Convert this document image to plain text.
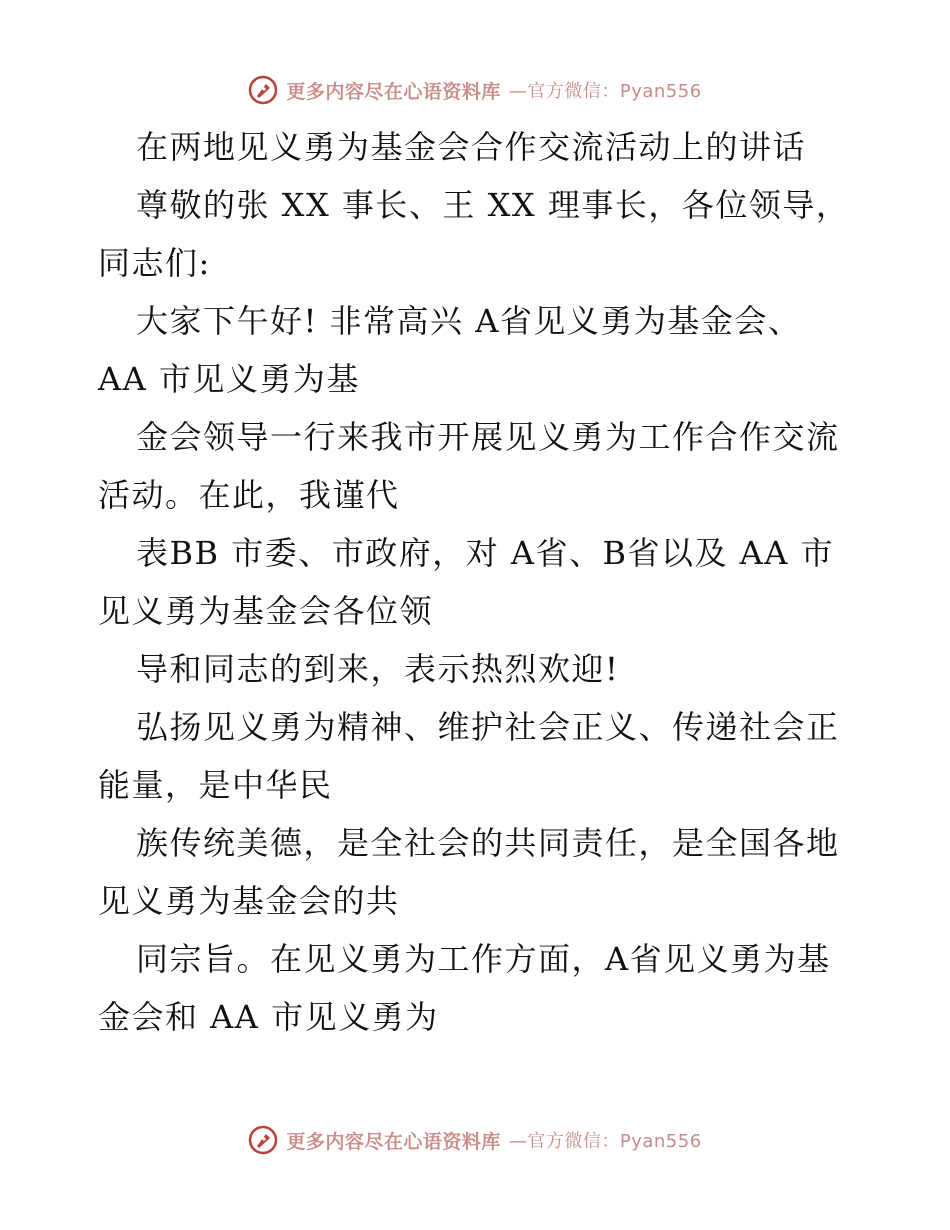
更多内容尽在心语资料库 —官方微信：Pyan556
在两地见义勇为基金会合作交流活动上的讲话
尊敬的张 XX 事长、王 XX 理事长，各位领导，
同志们:
大家下午好! 非常高兴 A省见义勇为基金会、
AA 市见义勇为基
金会领导一行来我市开展见义勇为工作合作交流
活动。在此，我谨代
表BB 市委、市政府，对 A省、B省以及 AA 市
见义勇为基金会各位领
导和同志的到来，表示热烈欢迎!
弘扬见义勇为精神、维护社会正义、传递社会正
能量，是中华民
族传统美德，是全社会的共同责任，是全国各地
见义勇为基金会的共
同宗旨。在见义勇为工作方面，A省见义勇为基
金会和 AA 市见义勇为
更多内容尽在心语资料库 —官方微信：Pyan556
